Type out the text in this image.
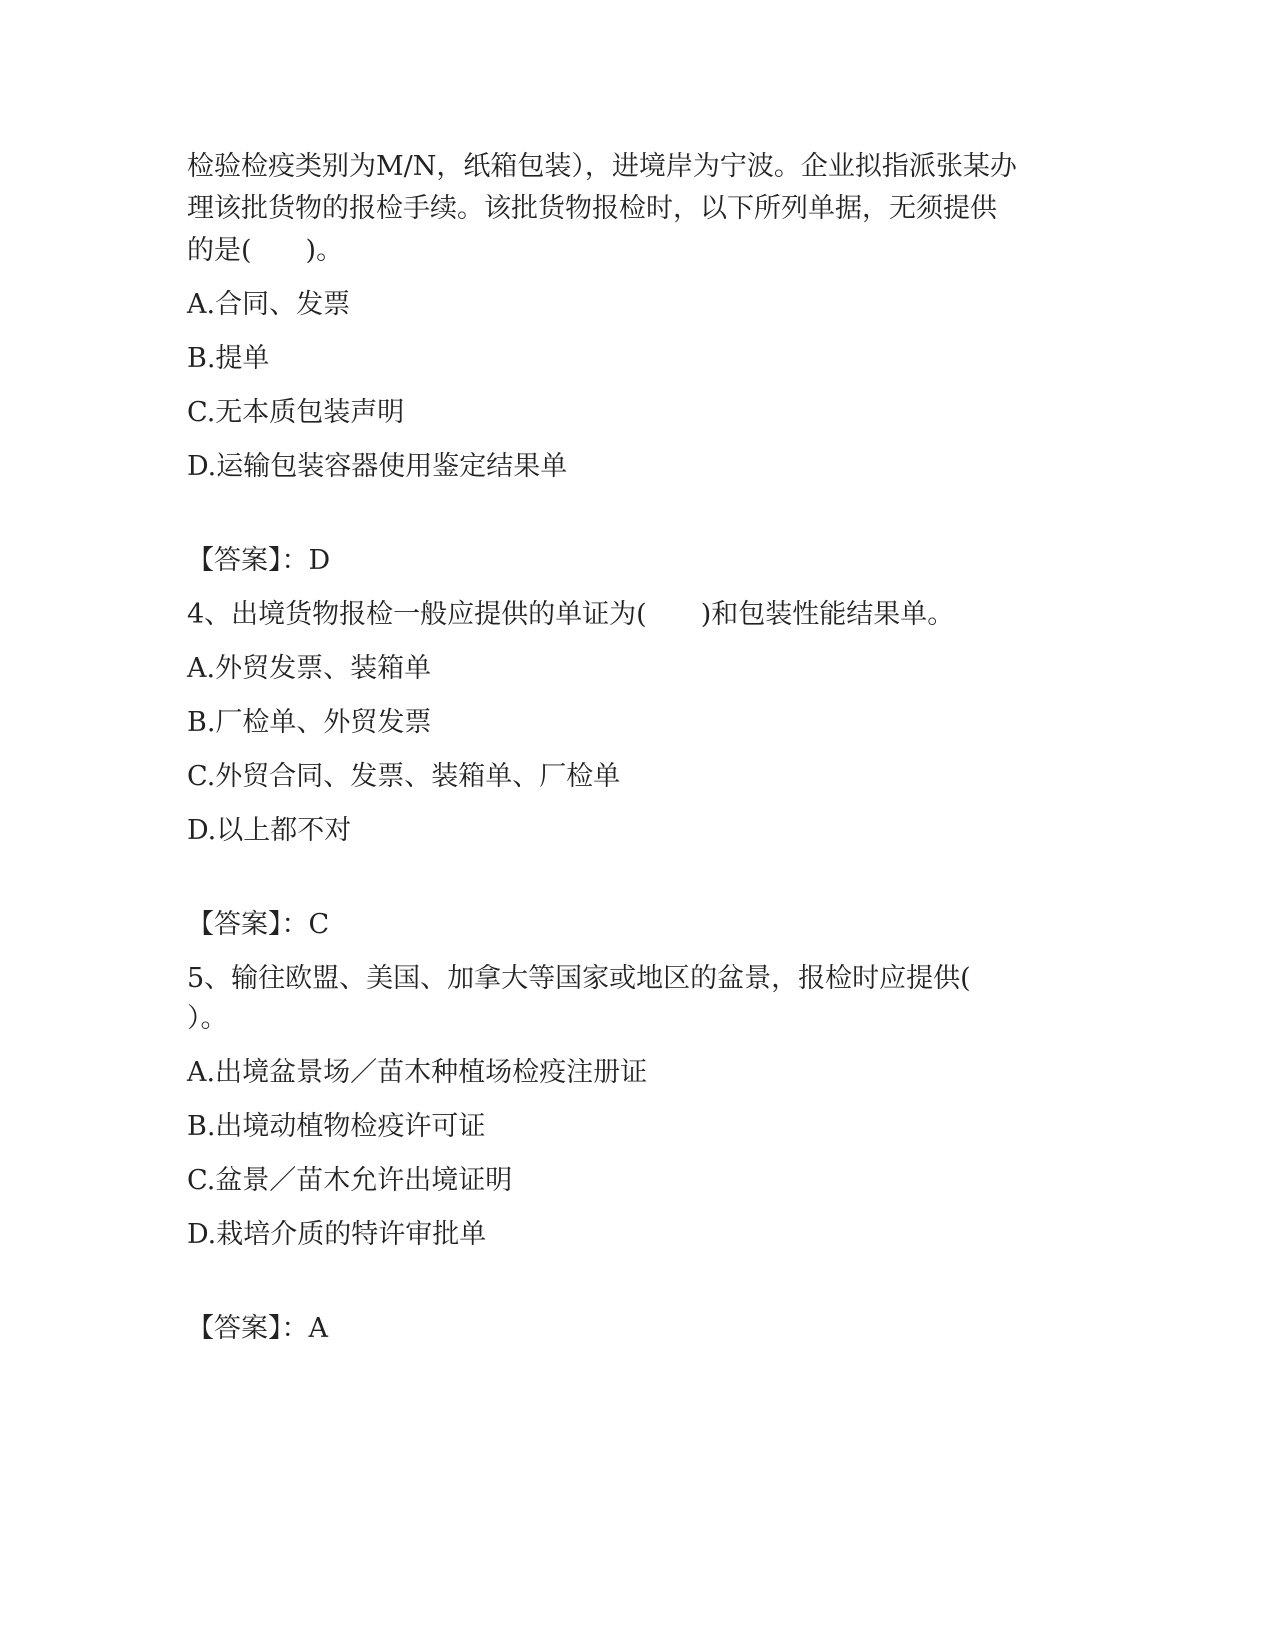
检验检疫类别为M/N，纸箱包装），进境岸为宁波。企业拟指派张某办

理该批货物的报检手续。该批货物报检时，以下所列单据，无须提供

的是(　　)。

A.合同、发票

B.提单

C.无本质包装声明

D.运输包装容器使用鉴定结果单

【答案】：D

4、出境货物报检一般应提供的单证为(　　)和包装性能结果单。

A.外贸发票、装箱单

B.厂检单、外贸发票

C.外贸合同、发票、装箱单、厂检单

D.以上都不对

【答案】：C

5、输往欧盟、美国、加拿大等国家或地区的盆景，报检时应提供(

）。

A.出境盆景场／苗木种植场检疫注册证

B.出境动植物检疫许可证

C.盆景／苗木允许出境证明

D.栽培介质的特许审批单

【答案】：A
